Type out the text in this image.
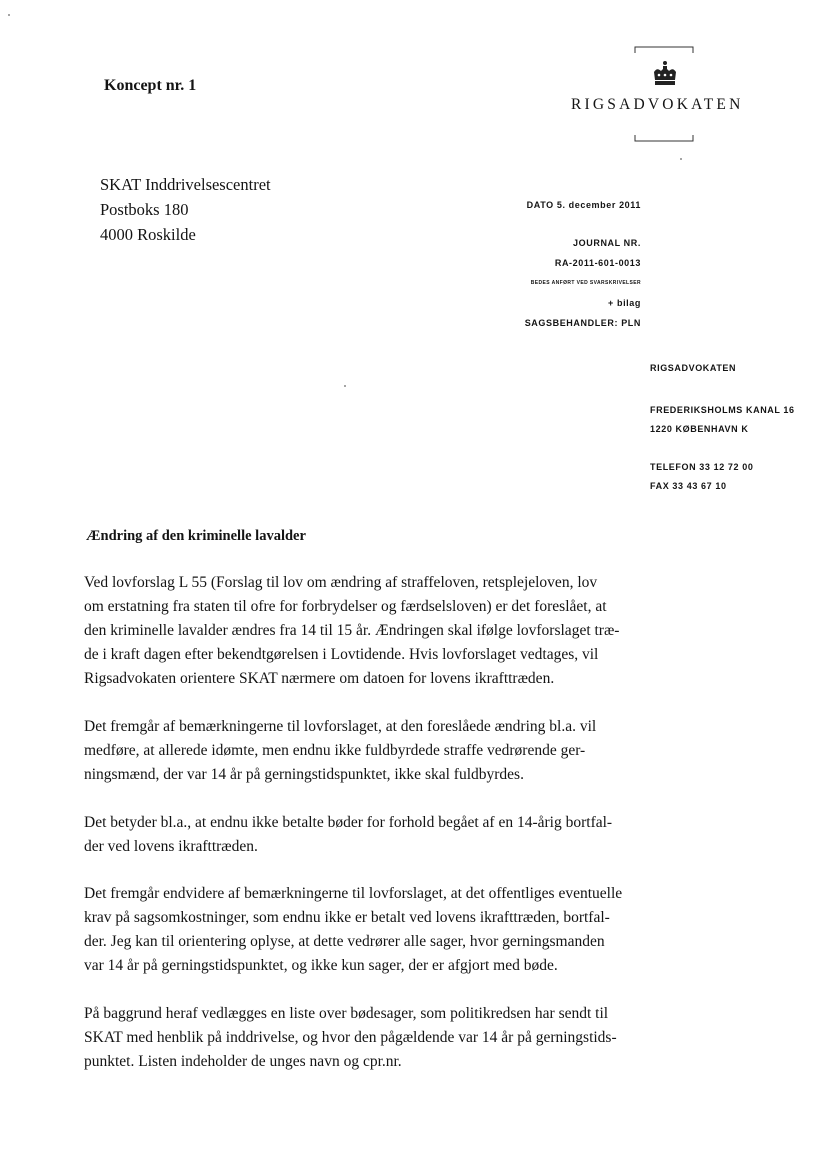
Koncept nr. 1
RIGSADVOKATEN
SKAT Inddrivelsescentret
Postboks 180
4000 Roskilde
DATO 5. december 2011
JOURNAL NR.
RA-2011-601-0013
BEDES ANFØRT VED SVARSKRIVELSER
+ bilag
SAGSBEHANDLER: PLN
RIGSADVOKATEN
FREDERIKSHOLMS KANAL 16
1220 KØBENHAVN K
TELEFON 33 12 72 00
FAX 33 43 67 10
Ændring af den kriminelle lavalder
Ved lovforslag L 55 (Forslag til lov om ændring af straffeloven, retsplejeloven, lov
om erstatning fra staten til ofre for forbrydelser og færdselsloven) er det foreslået, at
den kriminelle lavalder ændres fra 14 til 15 år. Ændringen skal ifølge lovforslaget træ-
de i kraft dagen efter bekendtgørelsen i Lovtidende. Hvis lovforslaget vedtages, vil
Rigsadvokaten orientere SKAT nærmere om datoen for lovens ikrafttræden.
Det fremgår af bemærkningerne til lovforslaget, at den foreslåede ændring bl.a. vil
medføre, at allerede idømte, men endnu ikke fuldbyrdede straffe vedrørende ger-
ningsmænd, der var 14 år på gerningstidspunktet, ikke skal fuldbyrdes.
Det betyder bl.a., at endnu ikke betalte bøder for forhold begået af en 14-årig bortfal-
der ved lovens ikrafttræden.
Det fremgår endvidere af bemærkningerne til lovforslaget, at det offentliges eventuelle
krav på sagsomkostninger, som endnu ikke er betalt ved lovens ikrafttræden, bortfal-
der. Jeg kan til orientering oplyse, at dette vedrører alle sager, hvor gerningsmanden
var 14 år på gerningstidspunktet, og ikke kun sager, der er afgjort med bøde.
På baggrund heraf vedlægges en liste over bødesager, som politikredsen har sendt til
SKAT med henblik på inddrivelse, og hvor den pågældende var 14 år på gerningstids-
punktet. Listen indeholder de unges navn og cpr.nr.
